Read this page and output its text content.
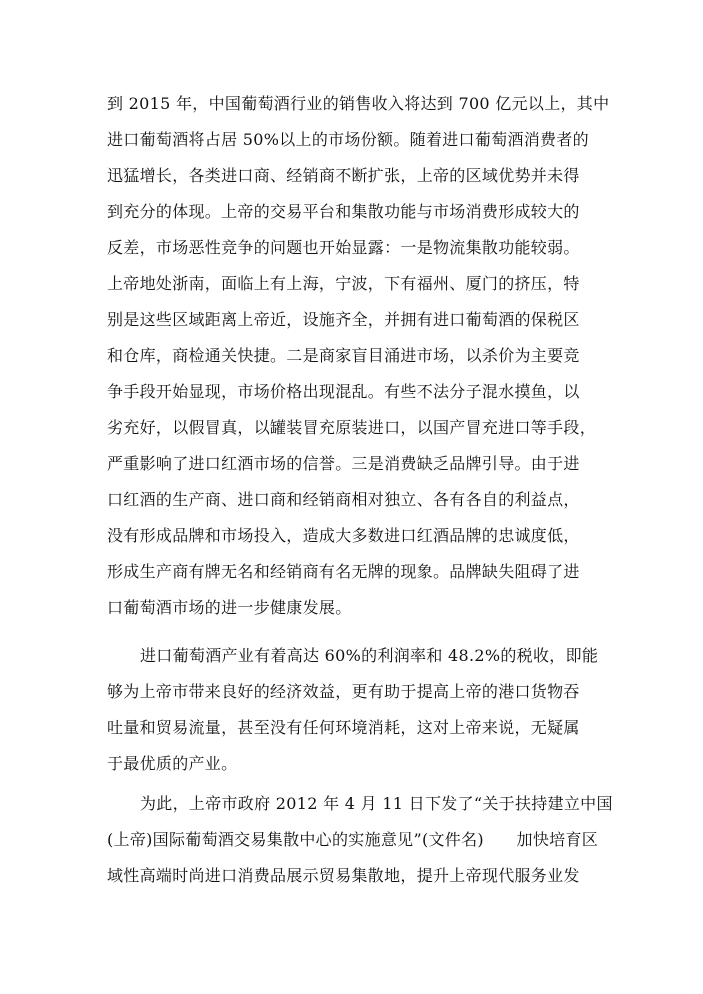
到 2015 年，中国葡萄酒行业的销售收入将达到 700 亿元以上，其中
进口葡萄酒将占居 50%以上的市场份额。随着进口葡萄酒消费者的
迅猛增长，各类进口商、经销商不断扩张，上帝的区域优势并未得
到充分的体现。上帝的交易平台和集散功能与市场消费形成较大的
反差，市场恶性竞争的问题也开始显露：一是物流集散功能较弱。
上帝地处浙南，面临上有上海，宁波，下有福州、厦门的挤压，特
别是这些区域距离上帝近，设施齐全，并拥有进口葡萄酒的保税区
和仓库，商检通关快捷。二是商家盲目涌进市场，以杀价为主要竞
争手段开始显现，市场价格出现混乱。有些不法分子混水摸鱼，以
劣充好，以假冒真，以罐装冒充原装进口，以国产冒充进口等手段，
严重影响了进口红酒市场的信誉。三是消费缺乏品牌引导。由于进
口红酒的生产商、进口商和经销商相对独立、各有各自的利益点，
没有形成品牌和市场投入，造成大多数进口红酒品牌的忠诚度低，
形成生产商有牌无名和经销商有名无牌的现象。品牌缺失阻碍了进
口葡萄酒市场的进一步健康发展。
进口葡萄酒产业有着高达 60%的利润率和 48.2%的税收，即能
够为上帝市带来良好的经济效益，更有助于提高上帝的港口货物吞
吐量和贸易流量，甚至没有任何环境消耗，这对上帝来说，无疑属
于最优质的产业。
为此，上帝市政府 2012 年 4 月 11 日下发了“关于扶持建立中国
(上帝)国际葡萄酒交易集散中心的实施意见”(文件名)　　加快培育区
域性高端时尚进口消费品展示贸易集散地，提升上帝现代服务业发
